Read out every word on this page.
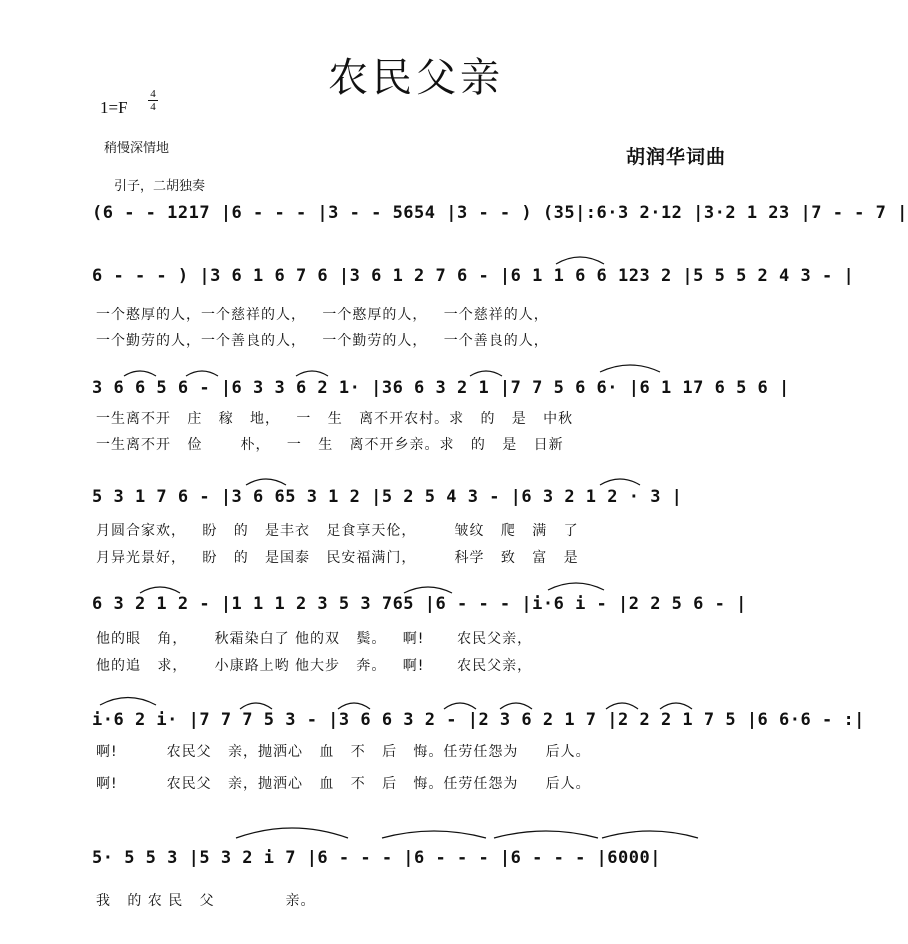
农民父亲
1=F
4
4
稍慢深情地	胡润华词曲
引子，二胡独奏
(6 - - 1217 |6 - - - |3 - - 5654 |3 - - ) (35|:6·3 2·12 |3·2 1 23 |7 - - 7 |
6 - - - ) |3 6 1 6 7 6 |3 6 1 2 7 6 - |6 1 1 6 6 123 2 |5 5 5 2 4 3 - |
一个憨厚的人，一个慈祥的人，   一个憨厚的人，   一个慈祥的人，
一个勤劳的人，一个善良的人，   一个勤劳的人，   一个善良的人，
3 6 6 5 6 - |6 3 3 6 2 1· |36 6 3 2 1 |7 7 5 6 6· |6 1 17 6 5 6 |
一生离不开   庄   稼   地，   一   生   离不开农村。求   的   是   中秋
一生离不开   俭       朴，   一   生   离不开乡亲。求   的   是   日新
5 3 1 7 6 - |3 6 65 3 1 2 |5 2 5 4 3 - |6 3 2 1 2 · 3 |
月圆合家欢，   盼   的   是丰衣   足食享天伦，       皱纹   爬   满   了
月异光景好，   盼   的   是国泰   民安福满门，       科学   致   富   是
6 3 2 1 2 - |1 1 1 2 3 5 3 765 |6 - - - |i·6 i - |2 2 5 6 - |
他的眼   角，     秋霜染白了 他的双   鬓。   啊!      农民父亲，
他的追   求，     小康路上哟 他大步   奔。   啊!      农民父亲，
i·6 2 i· |7 7 7 5 3 - |3 6 6 3 2 - |2 3 6 2 1 7 |2 2 2 1 7 5 |6 6·6 - :|
啊!         农民父   亲，抛洒心   血   不   后   悔。任劳任怨为     后人。
啊!         农民父   亲，抛洒心   血   不   后   悔。任劳任怨为     后人。
5· 5 5 3 |5 3 2 i 7 |6 - - - |6 - - - |6 - - - |6000|
我   的 农 民   父             亲。
